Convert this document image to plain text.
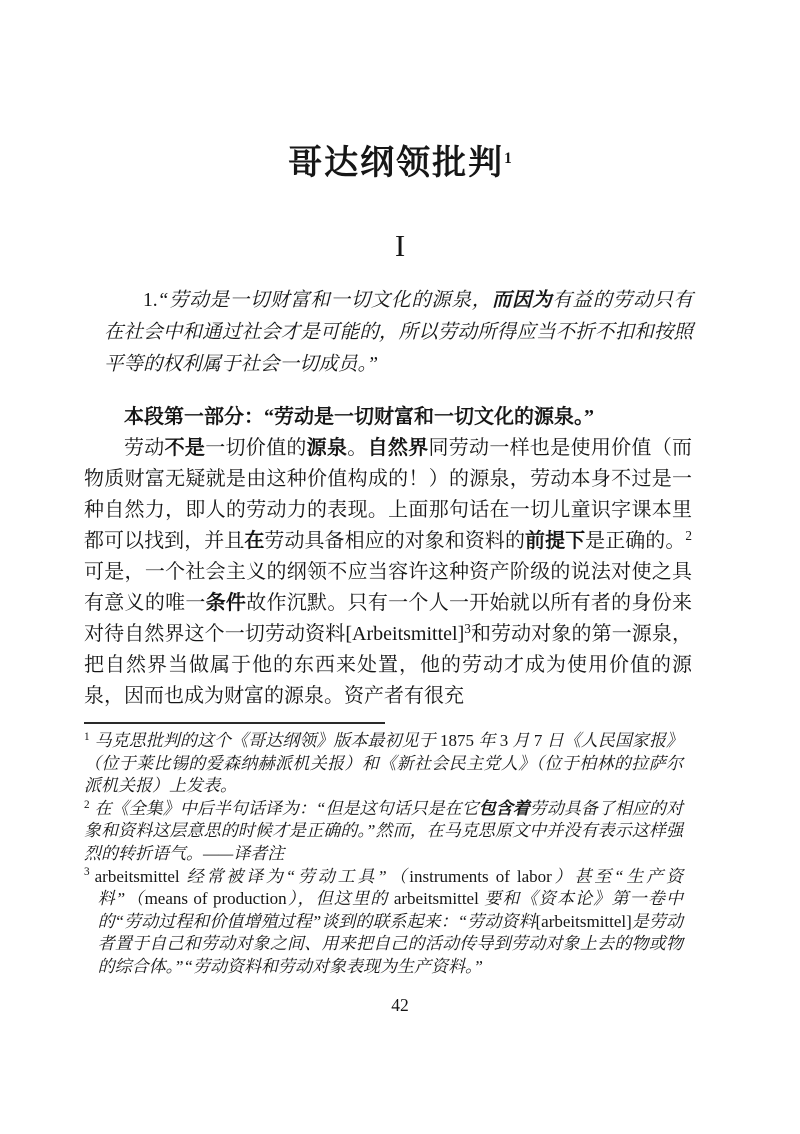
哥达纲领批判$^1$
I

1.“劳动是一切财富和一切文化的源泉，而因为有益的劳动只有在社会中和通过社会才是可能的，所以劳动所得应当不折不扣和按照平等的权利属于社会一切成员。”

本段第一部分：“劳动是一切财富和一切文化的源泉。”

劳动不是一切价值的源泉。自然界同劳动一样也是使用价值（而物质财富无疑就是由这种价值构成的！）的源泉，劳动本身不过是一种自然力，即人的劳动力的表现。上面那句话在一切儿童识字课本里都可以找到，并且在劳动具备相应的对象和资料的前提下是正确的。$^2$可是，一个社会主义的纲领不应当容许这种资产阶级的说法对使之具有意义的唯一条件故作沉默。只有一个人一开始就以所有者的身份来对待自然界这个一切劳动资料[Arbeitsmittel]$^3$和劳动对象的第一源泉，把自然界当做属于他的东西来处置，他的劳动才成为使用价值的源泉，因而也成为财富的源泉。资产者有很充

$^1$ 马克思批判的这个《哥达纲领》版本最初见于 1875 年 3 月 7 日《人民国家报》（位于莱比锡的爱森纳赫派机关报）和《新社会民主党人》（位于柏林的拉萨尔派机关报）上发表。

$^2$ 在《全集》中后半句话译为：“但是这句话只是在它包含着劳动具备了相应的对象和资料这层意思的时候才是正确的。”然而，在马克思原文中并没有表示这样强烈的转折语气。——译者注

$^3$ arbeitsmittel 经常被译为“劳动工具”（instruments of labor）甚至“生产资料”（means of production），但这里的 arbeitsmittel 要和《资本论》第一卷中的“劳动过程和价值增殖过程”谈到的联系起来：“劳动资料[arbeitsmittel]是劳动者置于自己和劳动对象之间、用来把自己的活动传导到劳动对象上去的物或物的综合体。”“劳动资料和劳动对象表现为生产资料。”

42
